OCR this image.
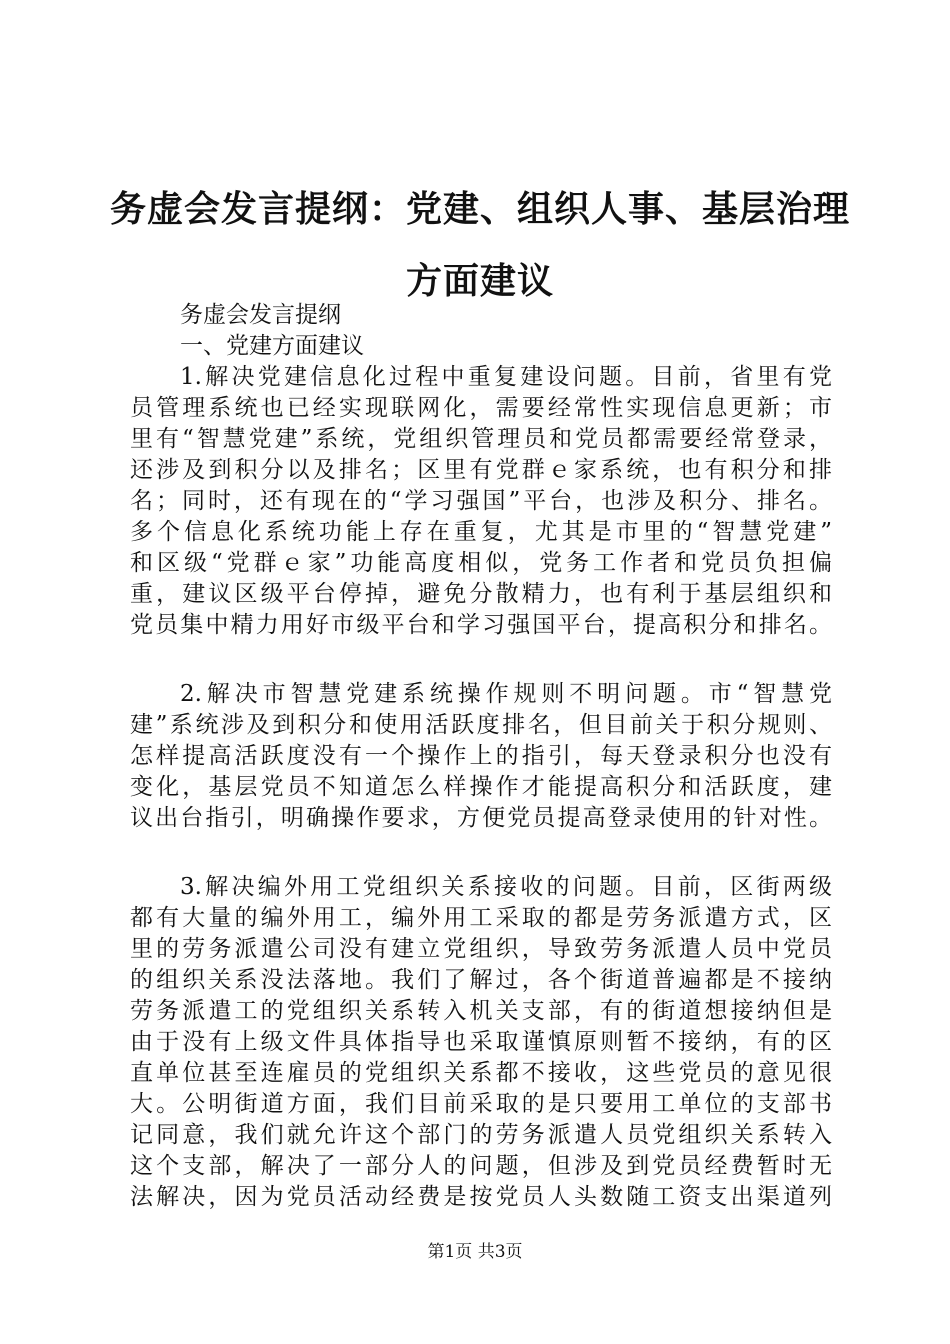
务虚会发言提纲：党建、组织人事、基层治理
方面建议
务虚会发言提纲
一、党建方面建议
1.解决党建信息化过程中重复建设问题。目前，省里有党
员管理系统也已经实现联网化，需要经常性实现信息更新；市
里有“智慧党建”系统，党组织管理员和党员都需要经常登录，
还涉及到积分以及排名；区里有党群ｅ家系统，也有积分和排
名；同时，还有现在的“学习强国”平台，也涉及积分、排名。
多个信息化系统功能上存在重复，尤其是市里的“智慧党建”
和区级“党群ｅ家”功能高度相似，党务工作者和党员负担偏
重，建议区级平台停掉，避免分散精力，也有利于基层组织和
党员集中精力用好市级平台和学习强国平台，提高积分和排名。
2.解决市智慧党建系统操作规则不明问题。市“智慧党
建”系统涉及到积分和使用活跃度排名，但目前关于积分规则、
怎样提高活跃度没有一个操作上的指引，每天登录积分也没有
变化，基层党员不知道怎么样操作才能提高积分和活跃度，建
议出台指引，明确操作要求，方便党员提高登录使用的针对性。
3.解决编外用工党组织关系接收的问题。目前，区街两级
都有大量的编外用工，编外用工采取的都是劳务派遣方式，区
里的劳务派遣公司没有建立党组织，导致劳务派遣人员中党员
的组织关系没法落地。我们了解过，各个街道普遍都是不接纳
劳务派遣工的党组织关系转入机关支部，有的街道想接纳但是
由于没有上级文件具体指导也采取谨慎原则暂不接纳，有的区
直单位甚至连雇员的党组织关系都不接收，这些党员的意见很
大。公明街道方面，我们目前采取的是只要用工单位的支部书
记同意，我们就允许这个部门的劳务派遣人员党组织关系转入
这个支部，解决了一部分人的问题，但涉及到党员经费暂时无
法解决，因为党员活动经费是按党员人头数随工资支出渠道列
第1页 共3页
